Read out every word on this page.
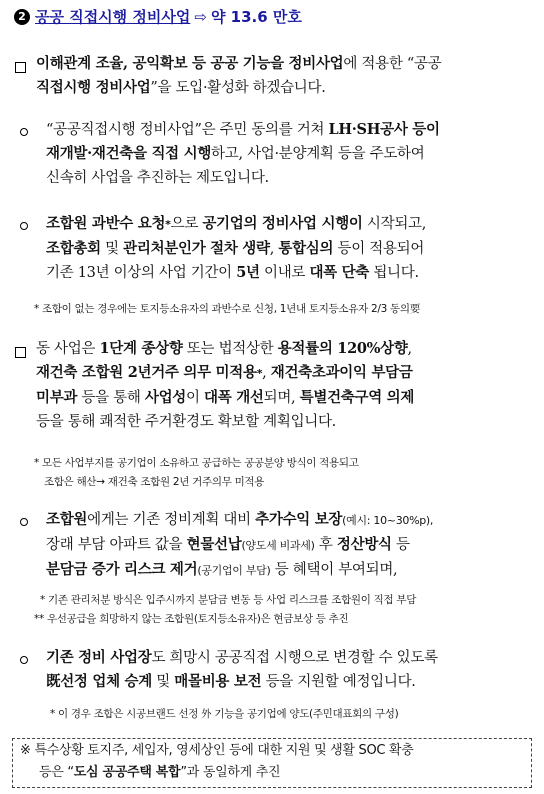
2 공공 직접시행 정비사업 ⇨ 약 13.6 만호
이해관계 조율, 공익확보 등 공공 기능을 정비사업에 적용한 “공공
직접시행 정비사업”을 도입·활성화 하겠습니다.
“공공직접시행 정비사업”은 주민 동의를 거쳐 LH·SH공사 등이
재개발·재건축을 직접 시행하고, 사업·분양계획 등을 주도하여
신속히 사업을 추진하는 제도입니다.
조합원 과반수 요청*으로 공기업의 정비사업 시행이 시작되고,
조합총회 및 관리처분인가 절차 생략, 통합심의 등이 적용되어
기존 13년 이상의 사업 기간이 5년 이내로 대폭 단축 됩니다.
* 조합이 없는 경우에는 토지등소유자의 과반수로 신청, 1년내 토지등소유자 2/3 동의要
동 사업은 1단계 종상향 또는 법적상한 용적률의 120%상향,
재건축 조합원 2년거주 의무 미적용*, 재건축초과이익 부담금
미부과 등을 통해 사업성이 대폭 개선되며, 특별건축구역 의제
등을 통해 쾌적한 주거환경도 확보할 계획입니다.
* 모든 사업부지를 공기업이 소유하고 공급하는 공공분양 방식이 적용되고
조합은 해산→ 재건축 조합원 2년 거주의무 미적용
조합원에게는 기존 정비계획 대비 추가수익 보장(예시: 10~30%p),
장래 부담 아파트 값을 현물선납(양도세 비과세) 후 정산방식 등
분담금 증가 리스크 제거(공기업이 부담) 등 혜택이 부여되며,
* 기존 관리처분 방식은 입주시까지 분담금 변동 등 사업 리스크를 조합원이 직접 부담
** 우선공급을 희망하지 않는 조합원(토지등소유자)은 현금보상 등 추진
기존 정비 사업장도 희망시 공공직접 시행으로 변경할 수 있도록
既선정 업체 승계 및 매몰비용 보전 등을 지원할 예정입니다.
* 이 경우 조합은 시공브랜드 선정 外 기능을 공기업에 양도(주민대표회의 구성)
※ 특수상황 토지주, 세입자, 영세상인 등에 대한 지원 및 생활 SOC 확충
등은 “도심 공공주택 복합”과 동일하게 추진
